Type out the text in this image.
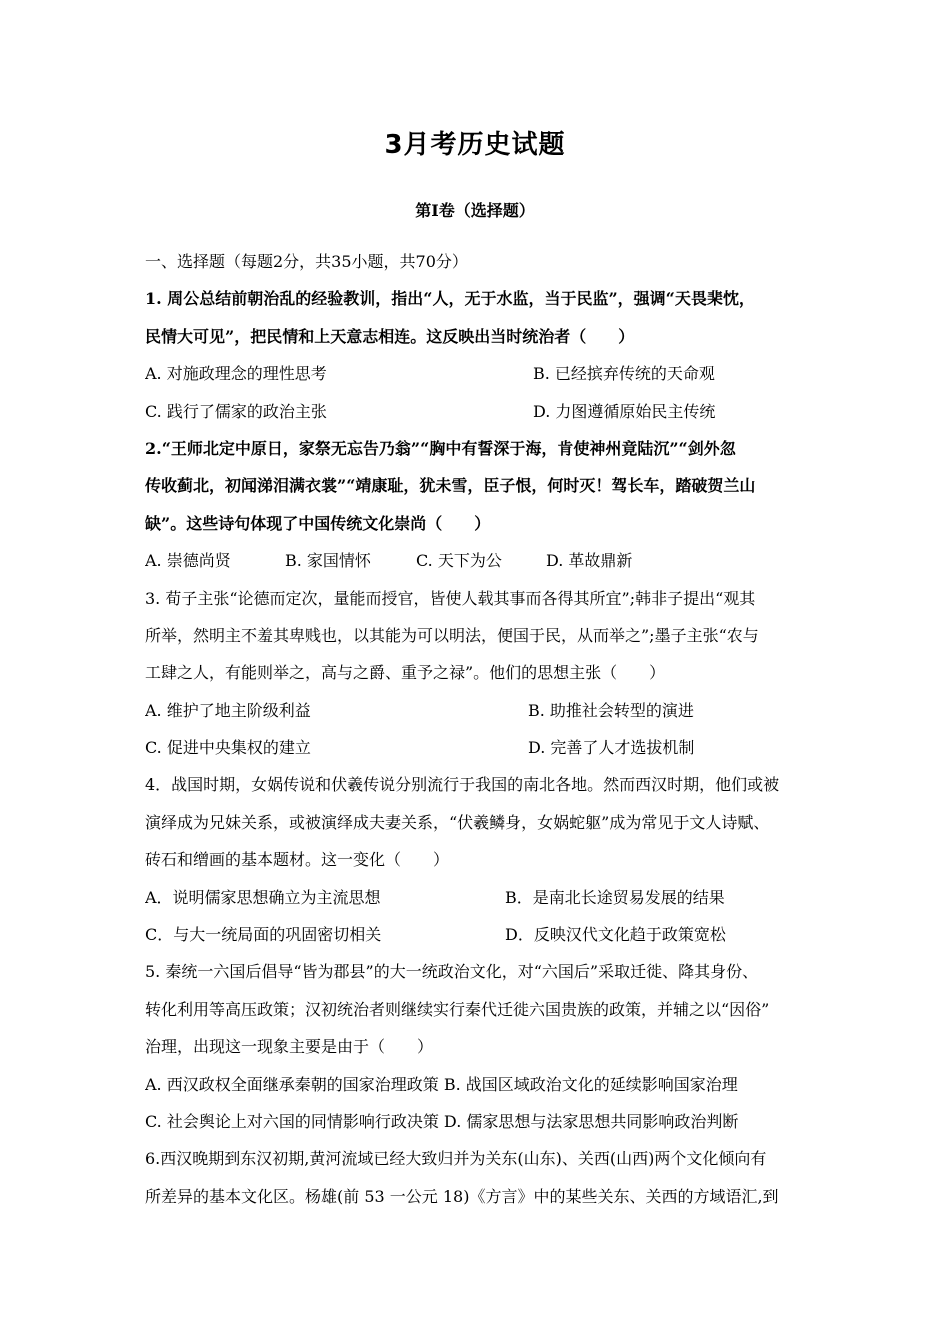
3月考历史试题
第Ⅰ卷（选择题）
一、选择题（每题2分，共35小题，共70分）
1. 周公总结前朝治乱的经验教训，指出“人，无于水监，当于民监”，强调“天畏棐忱，
民情大可见”，把民情和上天意志相连。这反映出当时统治者（　　）
A. 对施政理念的理性思考	B. 已经摈弃传统的天命观
C. 践行了儒家的政治主张	D. 力图遵循原始民主传统
2.“王师北定中原日，家祭无忘告乃翁”“胸中有誓深于海，肯使神州竟陆沉”“剑外忽
传收蓟北，初闻涕泪满衣裳”“靖康耻，犹未雪，臣子恨，何时灭！驾长车，踏破贺兰山
缺”。这些诗句体现了中国传统文化崇尚（　　）
A. 崇德尚贤	B. 家国情怀	C. 天下为公	D. 革故鼎新
3. 荀子主张“论德而定次，量能而授官，皆使人载其事而各得其所宜”;韩非子提出“观其
所举，然明主不羞其卑贱也，以其能为可以明法，便国于民，从而举之”;墨子主张“农与
工肆之人，有能则举之，高与之爵、重予之禄”。他们的思想主张（　　）
A. 维护了地主阶级利益	B. 助推社会转型的演进
C. 促进中央集权的建立	D. 完善了人才选拔机制
4．战国时期，女娲传说和伏羲传说分别流行于我国的南北各地。然而西汉时期，他们或被
演绎成为兄妹关系，或被演绎成夫妻关系，“伏羲鳞身，女娲蛇躯”成为常见于文人诗赋、
砖石和缯画的基本题材。这一变化（　　）
A．说明儒家思想确立为主流思想	B．是南北长途贸易发展的结果
C．与大一统局面的巩固密切相关	D．反映汉代文化趋于政策宽松
5. 秦统一六国后倡导“皆为郡县”的大一统政治文化，对“六国后”采取迁徙、降其身份、
转化利用等高压政策；汉初统治者则继续实行秦代迁徙六国贵族的政策，并辅之以“因俗”
治理，出现这一现象主要是由于（　　）
A. 西汉政权全面继承秦朝的国家治理政策 B. 战国区域政治文化的延续影响国家治理
C. 社会舆论上对六国的同情影响行政决策 D. 儒家思想与法家思想共同影响政治判断
6.西汉晚期到东汉初期,黄河流域已经大致归并为关东(山东)、关西(山西)两个文化倾向有
所差异的基本文化区。杨雄(前 53 一公元 18)《方言》中的某些关东、关西的方域语汇,到
